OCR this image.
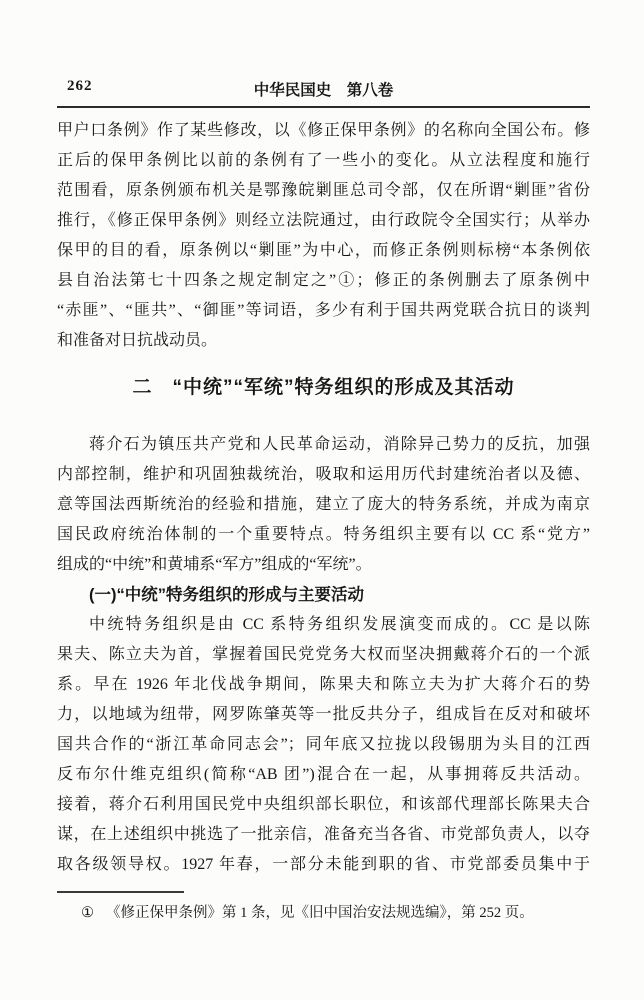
262	中华民国史　第八卷
甲户口条例》作了某些修改，以《修正保甲条例》的名称向全国公布。修
正后的保甲条例比以前的条例有了一些小的变化。从立法程度和施行
范围看，原条例颁布机关是鄂豫皖剿匪总司令部，仅在所谓“剿匪”省份
推行，《修正保甲条例》则经立法院通过，由行政院令全国实行；从举办
保甲的目的看，原条例以“剿匪”为中心，而修正条例则标榜“本条例依
县自治法第七十四条之规定制定之”①；修正的条例删去了原条例中
“赤匪”、“匪共”、“御匪”等词语，多少有利于国共两党联合抗日的谈判
和准备对日抗战动员。
二　“中统”“军统”特务组织的形成及其活动
蒋介石为镇压共产党和人民革命运动，消除异己势力的反抗，加强
内部控制，维护和巩固独裁统治，吸取和运用历代封建统治者以及德、
意等国法西斯统治的经验和措施，建立了庞大的特务系统，并成为南京
国民政府统治体制的一个重要特点。特务组织主要有以 CC 系“党方”
组成的“中统”和黄埔系“军方”组成的“军统”。
(一)“中统”特务组织的形成与主要活动
中统特务组织是由 CC 系特务组织发展演变而成的。CC 是以陈
果夫、陈立夫为首，掌握着国民党党务大权而坚决拥戴蒋介石的一个派
系。早在 1926 年北伐战争期间，陈果夫和陈立夫为扩大蒋介石的势
力，以地域为纽带，网罗陈肇英等一批反共分子，组成旨在反对和破坏
国共合作的“浙江革命同志会”；同年底又拉拢以段锡朋为头目的江西
反布尔什维克组织(简称“AB 团”)混合在一起，从事拥蒋反共活动。
接着，蒋介石利用国民党中央组织部长职位，和该部代理部长陈果夫合
谋，在上述组织中挑选了一批亲信，准备充当各省、市党部负责人，以夺
取各级领导权。1927 年春，一部分未能到职的省、市党部委员集中于
① 《修正保甲条例》第 1 条，见《旧中国治安法规选编》，第 252 页。
